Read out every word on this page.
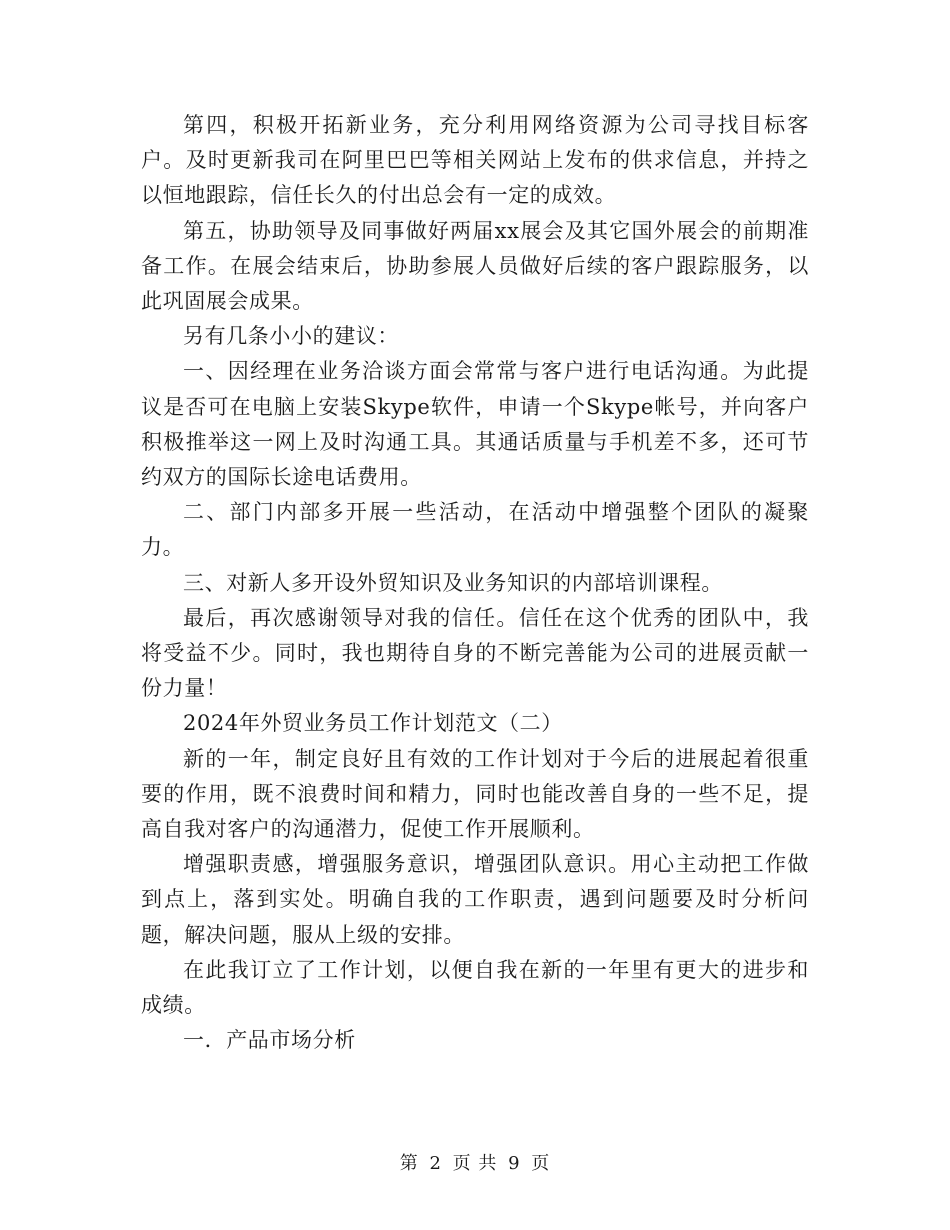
第四，积极开拓新业务，充分利用网络资源为公司寻找目标客户。及时更新我司在阿里巴巴等相关网站上发布的供求信息，并持之以恒地跟踪，信任长久的付出总会有一定的成效。

第五，协助领导及同事做好两届xx展会及其它国外展会的前期准备工作。在展会结束后，协助参展人员做好后续的客户跟踪服务，以此巩固展会成果。

另有几条小小的建议：

一、因经理在业务洽谈方面会常常与客户进行电话沟通。为此提议是否可在电脑上安装Skype软件，申请一个Skype帐号，并向客户积极推举这一网上及时沟通工具。其通话质量与手机差不多，还可节约双方的国际长途电话费用。

二、部门内部多开展一些活动，在活动中增强整个团队的凝聚力。

三、对新人多开设外贸知识及业务知识的内部培训课程。

最后，再次感谢领导对我的信任。信任在这个优秀的团队中，我将受益不少。同时，我也期待自身的不断完善能为公司的进展贡献一份力量！

2024年外贸业务员工作计划范文（二）

新的一年，制定良好且有效的工作计划对于今后的进展起着很重要的作用，既不浪费时间和精力，同时也能改善自身的一些不足，提高自我对客户的沟通潜力，促使工作开展顺利。

增强职责感，增强服务意识，增强团队意识。用心主动把工作做到点上，落到实处。明确自我的工作职责，遇到问题要及时分析问题，解决问题，服从上级的安排。

在此我订立了工作计划，以便自我在新的一年里有更大的进步和成绩。

一．产品市场分析

第 2 页 共 9 页
